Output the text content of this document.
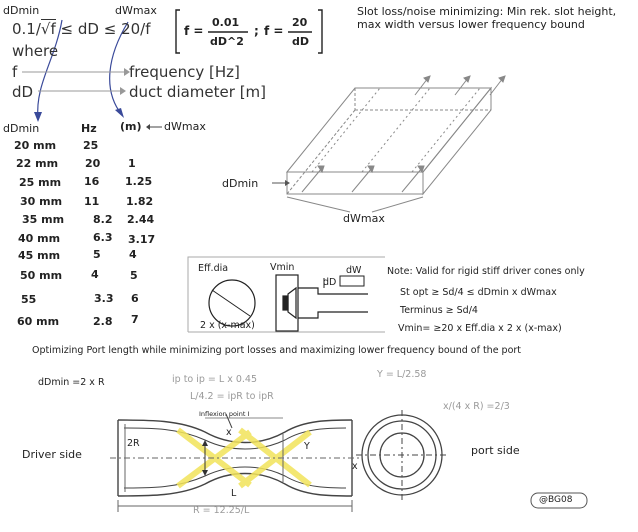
dDmin	dWmax
0.1/√f ≤ dD ≤ 20/f
where
f	frequency [Hz]
dD	duct diameter [m]
f =
0.01
dD^2
; f =
20
dD
Slot loss/noise minimizing: Min rek. slot height,
max width versus lower frequency bound
dDmin	Hz (m) dWmax
20 mm 25
22 mm 20	1
25 mm 16 1.25
30 mm 11 1.82
35 mm	8.2 2.44
40 mm	6.3 3.17
45 mm	5	4
50 mm	4	5
55	3.3 6
60 mm	2.8 7
dDmin
dWmax
Eff.dia	Vmin	dW
dD
2 x (x-max)
Note: Valid for rigid stiff driver cones only
St opt ≥ Sd/4 ≤ dDmin x dWmax
Terminus ≥ Sd/4
Vmin= ≥20 x Eff.dia x 2 x (x-max)
Optimizing Port length while minimizing port losses and maximizing lower frequency bound of the port
dDmin =2 x R	ip to ip = L x 0.45
L/4.2 = ipR to ipR
Y = L/2.58
x/(4 x R) =2/3
Inflexion point I
2R
x
Y
x
L
R = 12.25/L
Driver side	port side
@BG08
